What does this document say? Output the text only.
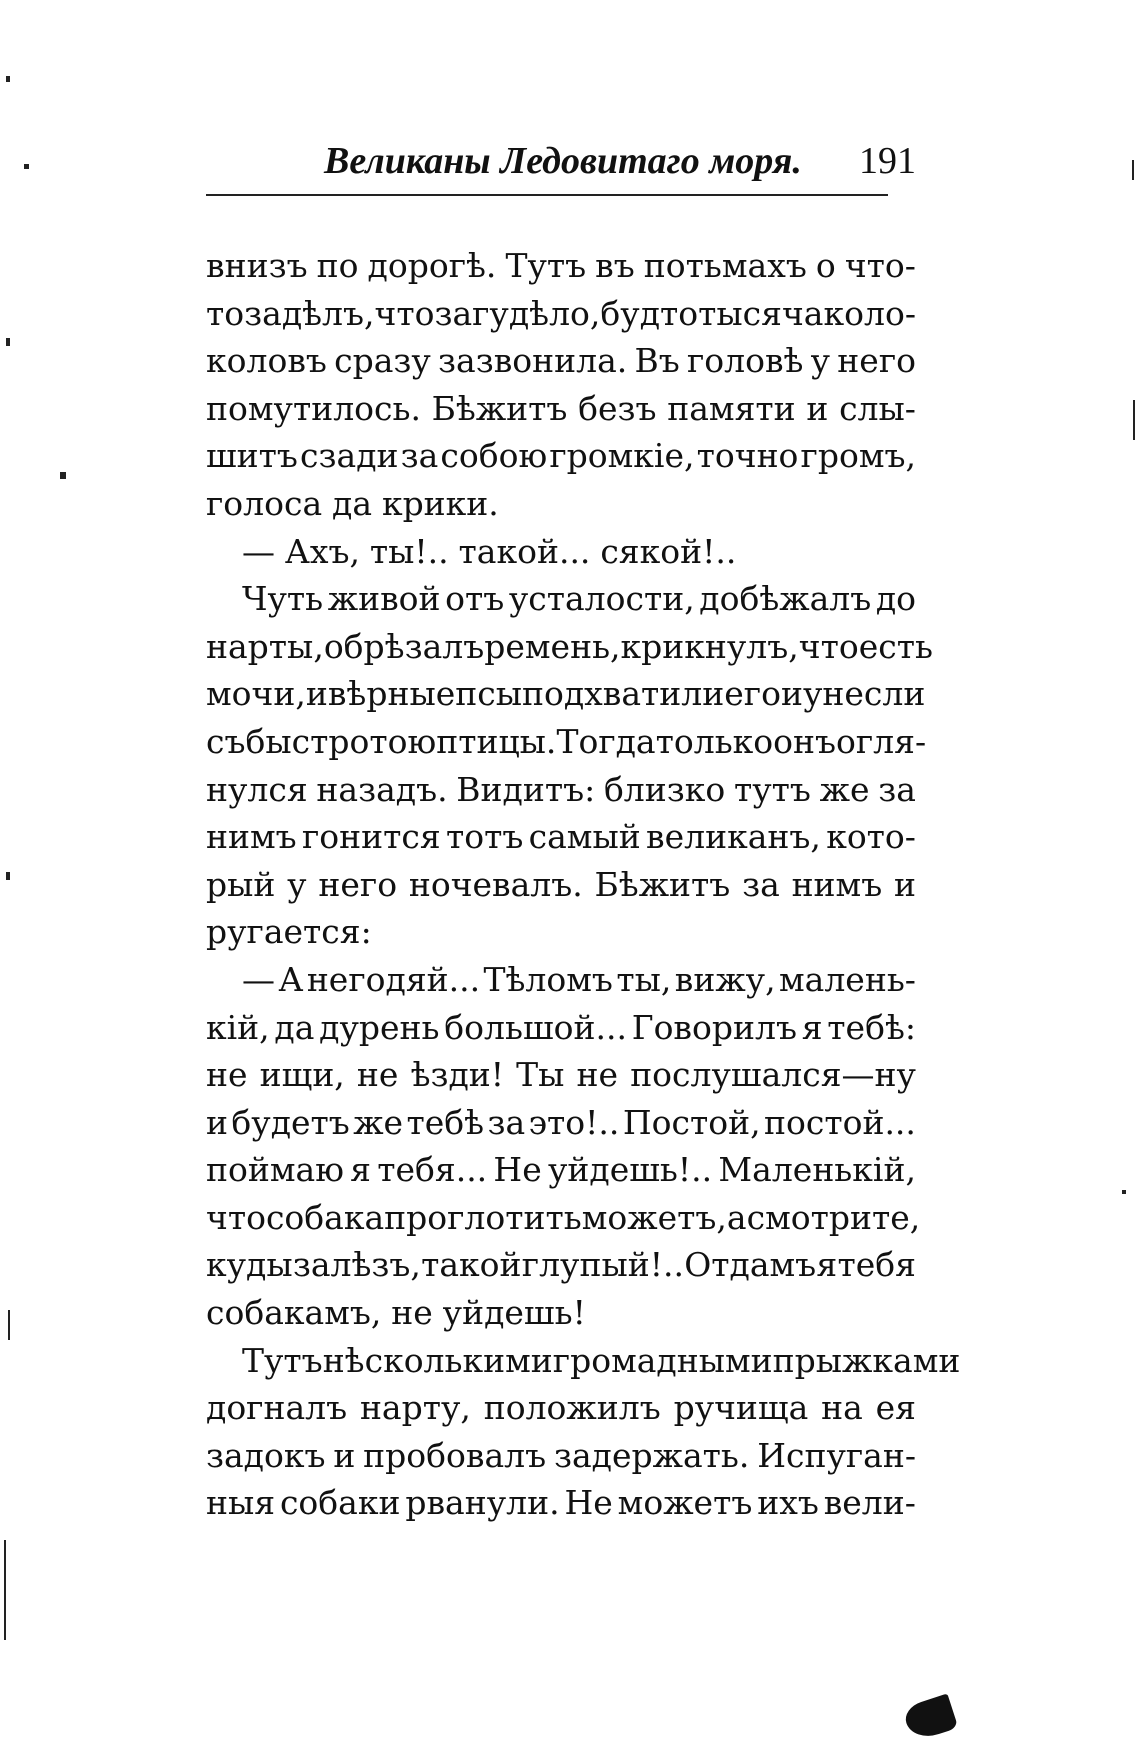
Великаны Ледовитаго моря. 191
внизъ по дорогѣ. Тутъ въ потьмахъ о что-
то задѣлъ, что загудѣло, будто тысяча коло-
коловъ сразу зазвонила. Въ головѣ у него
помутилось. Бѣжитъ безъ памяти и слы-
шитъ сзади за собою громкіе, точно громъ,
голоса да крики.
— Ахъ, ты!.. такой... сякой!..
Чуть живой отъ усталости, добѣжалъ до
нарты, обрѣзалъ ремень, крикнулъ, что есть
мочи, и вѣрные псы подхватили его и унесли
съ быстротою птицы. Тогда только онъ огля-
нулся назадъ. Видитъ: близко тутъ же за
нимъ гонится тотъ самый великанъ, кото-
рый у него ночевалъ. Бѣжитъ за нимъ и
ругается:
— А негодяй... Тѣломъ ты, вижу, малень-
кій, да дурень большой... Говорилъ я тебѣ:
не ищи, не ѣзди! Ты не послушался—ну
и будетъ же тебѣ за это!.. Постой, постой...
поймаю я тебя... Не уйдешь!.. Маленькій,
что собака проглотить можетъ, а смотрите,
куды залѣзъ, такой глупый!.. Отдамъ я тебя
собакамъ, не уйдешь!
Тутъ нѣсколькими громадными прыжками
догналъ нарту, положилъ ручища на ея
задокъ и пробовалъ задержать. Испуган-
ныя собаки рванули. Не можетъ ихъ вели-
